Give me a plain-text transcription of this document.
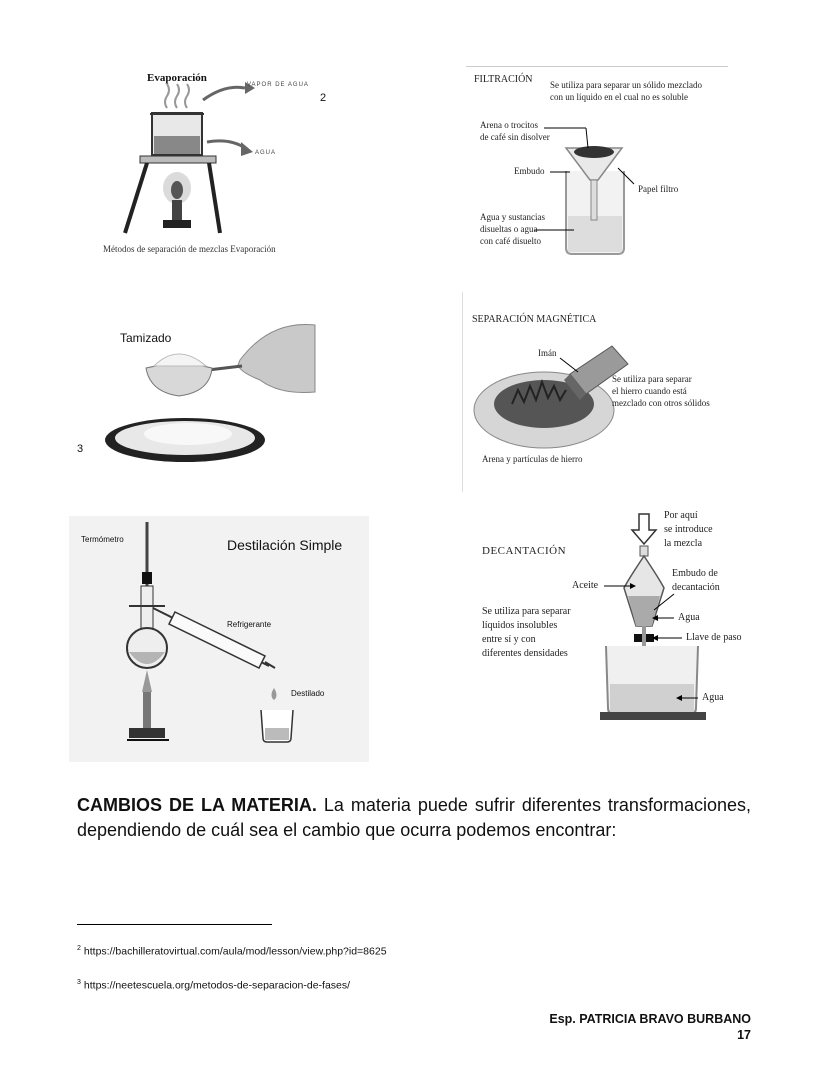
Evaporación
VAPOR DE AGUA
AGUA
Métodos de separación de mezclas Evaporación
2
FILTRACIÓN Se utiliza para separar un sólido mezclado
con un líquido en el cual no es soluble
Arena o trocitos
de café sin disolver
Embudo
Papel filtro
Agua y sustancias
disueltas o agua
con café disuelto
Tamizado
3
SEPARACIÓN MAGNÉTICA
Imán
Se utiliza para separar
el hierro cuando está
mezclado con otros sólidos
Arena y partículas de hierro
Termómetro	Destilación Simple
Refrigerante
Destilado
Por aquí
se introduce
la mezcla
DECANTACIÓN
Aceite
Embudo de
decantación
Agua
Llave de paso
Agua
Se utiliza para separar
líquidos insolubles
entre sí y con
diferentes densidades
CAMBIOS DE LA MATERIA. La materia puede sufrir diferentes transformaciones, dependiendo de cuál sea el cambio que ocurra podemos encontrar:
$^2$ https://bachilleratovirtual.com/aula/mod/lesson/view.php?id=8625
$^3$ https://neetescuela.org/metodos-de-separacion-de-fases/
Esp. PATRICIA BRAVO BURBANO
17
